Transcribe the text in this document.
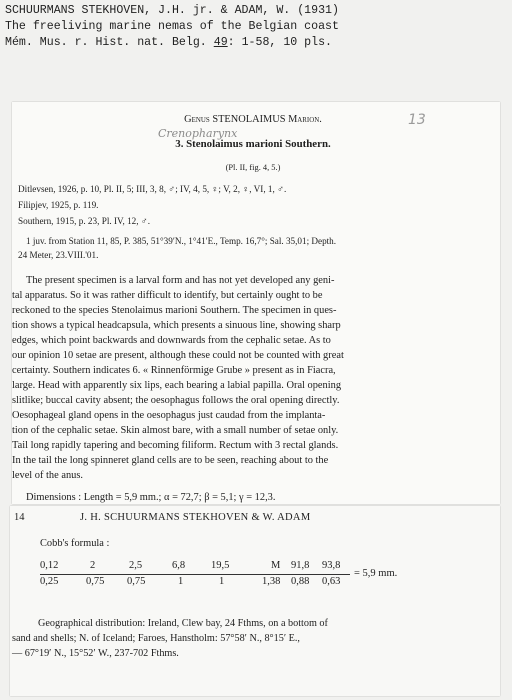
SCHUURMANS STEKHOVEN, J.H. jr. & ADAM, W. (1931)
The freeliving marine nemas of the Belgian coast
Mém. Mus. r. Hist. nat. Belg. 49: 1-58, 10 pls.
Genus STENOLAIMUS Marion.	13
Crenopharynx
3. Stenolaimus marioni Southern.
(Pl. II, fig. 4, 5.)
Ditlevsen, 1926, p. 10, Pl. II, 5; III, 3, 8, ♂; IV, 4, 5, ♀; V, 2, ♀, VI, 1, ♂.
Filipjev, 1925, p. 119.
Southern, 1915, p. 23, Pl. IV, 12, ♂.
1 juv. from Station 11, 85, P. 385, 51°39′N., 1°41′E., Temp. 16,7°; Sal. 35,01; Depth.
24 Meter, 23.VIII.'01.

The present specimen is a larval form and has not yet developed any geni-

tal apparatus. So it was rather difficult to identify, but certainly ought to be

reckoned to the species Stenolaimus marioni Southern. The specimen in ques-

tion shows a typical headcapsula, which presents a sinuous line, showing sharp

edges, which point backwards and downwards from the cephalic setae. As to

our opinion 10 setae are present, although these could not be counted with great

certainty. Southern indicates 6. « Rinnenförmige Grube » present as in Fiacra,

large. Head with apparently six lips, each bearing a labial papilla. Oral opening

slitlike; buccal cavity absent; the oesophagus follows the oral opening directly.

Oesophageal gland opens in the oesophagus just caudad from the implanta-

tion of the cephalic setae. Skin almost bare, with a small number of setae only.

Tail long rapidly tapering and becoming filiform. Rectum with 3 rectal glands.

In the tail the long spinneret gland cells are to be seen, reaching about to the

level of the anus.

Dimensions : Length = 5,9 mm.; α = 72,7; β = 5,1; γ = 12,3.
14	J. H. SCHUURMANS STEKHOVEN & W. ADAM
Cobb's formula :
0,12	2	2,5	6,8 19,5	M 91,8 93,8
0,25	0,75 0,75	1	1	1,38 0,88 0,63
= 5,9 mm.
Geographical distribution: Ireland, Clew bay, 24 Fthms, on a bottom of
sand and shells; N. of Iceland; Faroes, Hanstholm: 57°58′ N., 8°15′ E.,
— 67°19′ N., 15°52′ W., 237-702 Fthms.
